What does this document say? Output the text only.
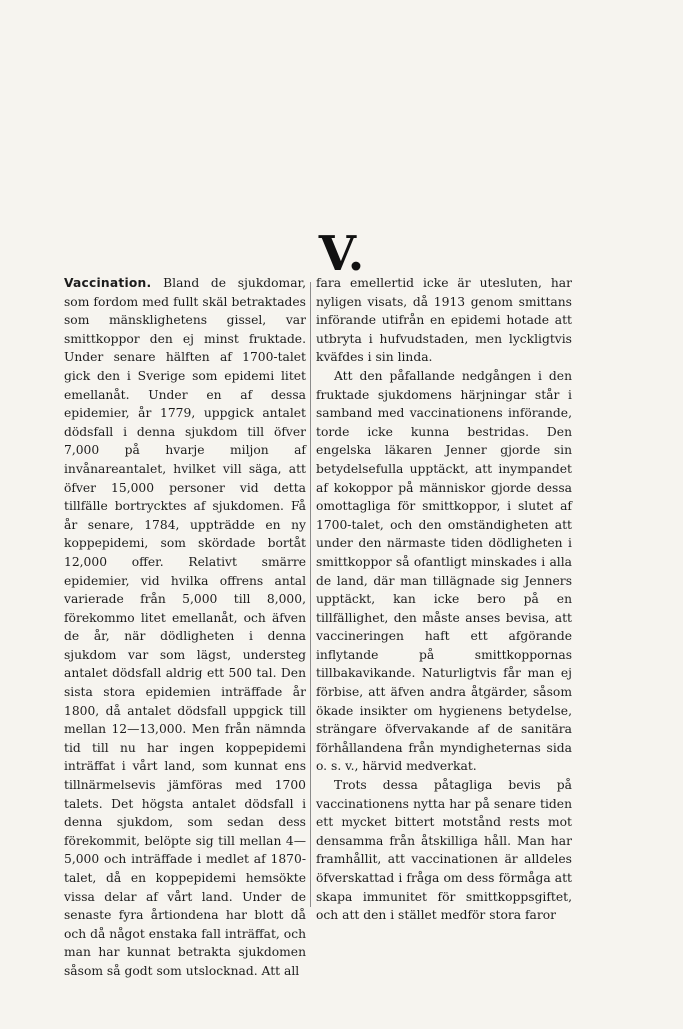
V.

Vaccination. Bland de sjukdomar, som fordom med fullt skäl betraktades som mänsklighetens gissel, var smittkoppor den ej minst fruktade. Under senare hälften af 1700-talet gick den i Sverige som epidemi litet emellanåt. Under en af dessa epidemier, år 1779, uppgick antalet dödsfall i denna sjukdom till öfver 7,000 på hvarje miljon af invånareantalet, hvilket vill säga, att öfver 15,000 personer vid detta tillfälle bortrycktes af sjukdomen. Få år senare, 1784, uppträdde en ny koppepidemi, som skördade bortåt 12,000 offer. Relativt smärre epidemier, vid hvilka offrens antal varierade från 5,000 till 8,000, förekommo litet emellanåt, och äfven de år, när dödligheten i denna sjukdom var som lägst, understeg antalet dödsfall aldrig ett 500 tal. Den sista stora epidemien inträffade år 1800, då antalet dödsfall uppgick till mellan 12—13,000. Men från nämnda tid till nu har ingen koppepidemi inträffat i vårt land, som kunnat ens tillnärmelsevis jämföras med 1700 talets. Det högsta antalet dödsfall i denna sjukdom, som sedan dess förekommit, belöpte sig till mellan 4—5,000 och inträffade i medlet af 1870-talet, då en koppepidemi hemsökte vissa delar af vårt land. Under de senaste fyra årtiondena har blott då och då något enstaka fall inträffat, och man har kunnat betrakta sjukdomen såsom så godt som utslocknad. Att all

fara emellertid icke är utesluten, har nyligen visats, då 1913 genom smittans införande utifrån en epidemi hotade att utbryta i hufvudstaden, men lyckligtvis kväfdes i sin linda.

Att den påfallande nedgången i den fruktade sjukdomens härjningar står i samband med vaccinationens införande, torde icke kunna bestridas. Den engelska läkaren Jenner gjorde sin betydelsefulla upptäckt, att inympandet af kokoppor på människor gjorde dessa omottagliga för smittkoppor, i slutet af 1700-talet, och den omständigheten att under den närmaste tiden dödligheten i smittkoppor så ofantligt minskades i alla de land, där man tillägnade sig Jenners upptäckt, kan icke bero på en tillfällighet, den måste anses bevisa, att vaccineringen haft ett afgörande inflytande på smittkoppornas tillbakavikande. Naturligtvis får man ej förbise, att äfven andra åtgärder, såsom ökade insikter om hygienens betydelse, strängare öfvervakande af de sanitära förhållandena från myndigheternas sida o. s. v., härvid medverkat.

Trots dessa påtagliga bevis på vaccinationens nytta har på senare tiden ett mycket bittert motstånd rests mot densamma från åtskilliga håll. Man har framhållit, att vaccinationen är alldeles öfverskattad i fråga om dess förmåga att skapa immunitet för smittkoppsgiftet, och att den i stället medför stora faror
